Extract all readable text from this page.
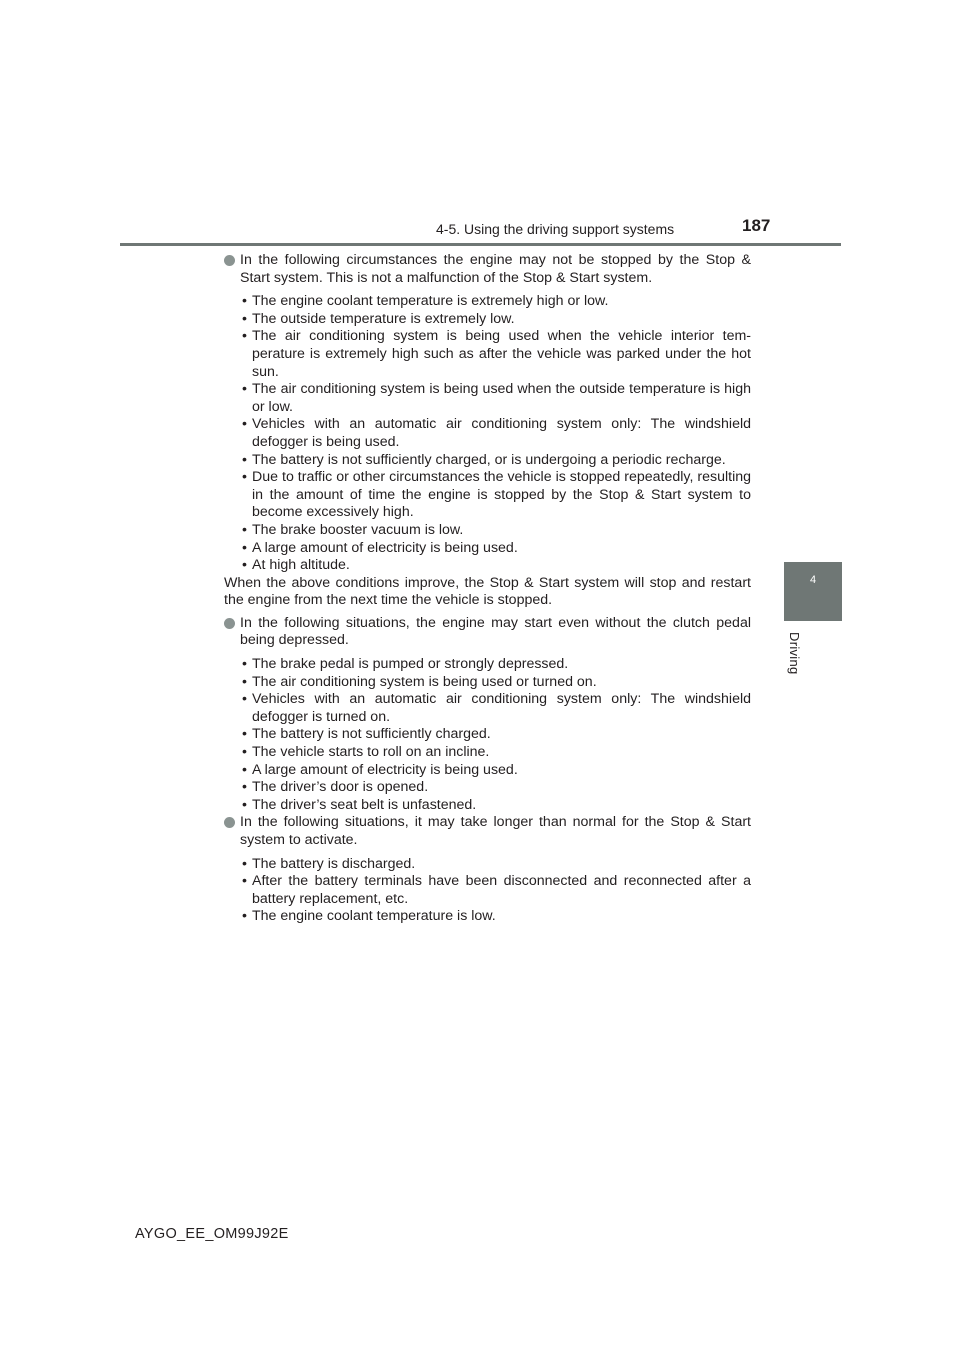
4-5. Using the driving support systems	187
4
Driving
In the following circumstances the engine may not be stopped by the Stop & Start system. This is not a malfunction of the Stop & Start system.
• The engine coolant temperature is extremely high or low.
• The outside temperature is extremely low.
• The air conditioning system is being used when the vehicle interior tem-perature is extremely high such as after the vehicle was parked under the hot sun.
• The air conditioning system is being used when the outside temperature is high or low.
• Vehicles with an automatic air conditioning system only: The windshield defogger is being used.
• The battery is not sufficiently charged, or is undergoing a periodic recharge.
• Due to traffic or other circumstances the vehicle is stopped repeatedly, resulting in the amount of time the engine is stopped by the Stop & Start system to become excessively high.
• The brake booster vacuum is low.
• A large amount of electricity is being used.
• At high altitude.
When the above conditions improve, the Stop & Start system will stop and restart the engine from the next time the vehicle is stopped.
In the following situations, the engine may start even without the clutch pedal being depressed.
• The brake pedal is pumped or strongly depressed.
• The air conditioning system is being used or turned on.
• Vehicles with an automatic air conditioning system only: The windshield defogger is turned on.
• The battery is not sufficiently charged.
• The vehicle starts to roll on an incline.
• A large amount of electricity is being used.
• The driver’s door is opened.
• The driver’s seat belt is unfastened.
In the following situations, it may take longer than normal for the Stop & Start system to activate.
• The battery is discharged.
• After the battery terminals have been disconnected and reconnected after a battery replacement, etc.
• The engine coolant temperature is low.
AYGO_EE_OM99J92E
